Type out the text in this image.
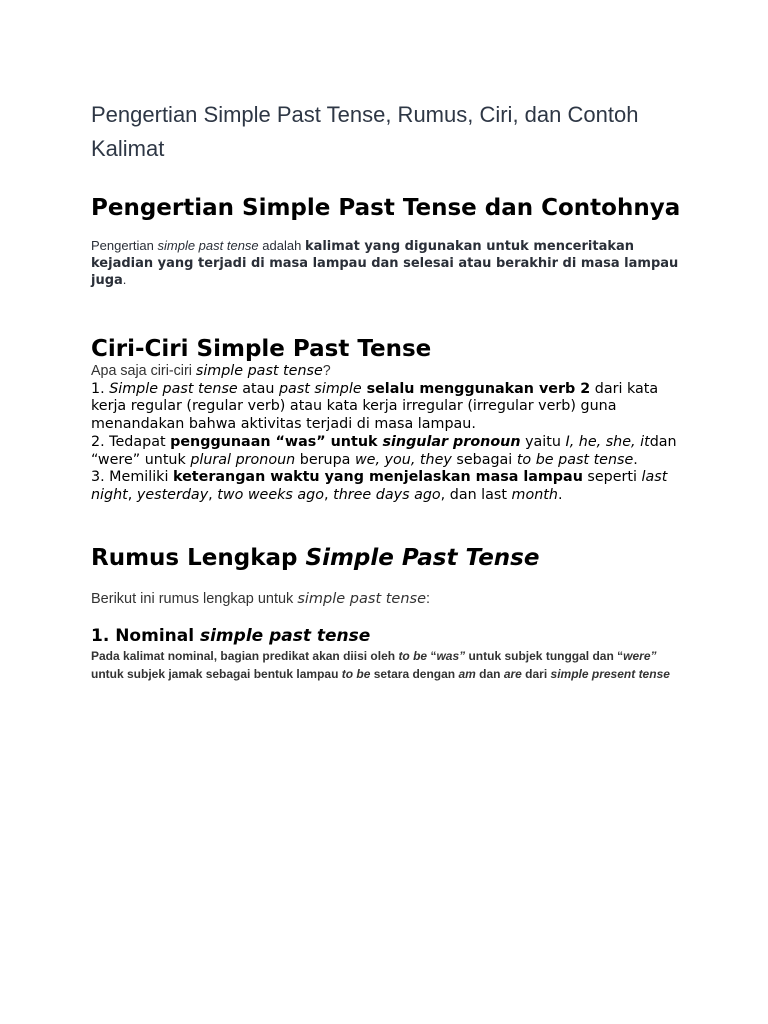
Pengertian Simple Past Tense, Rumus, Ciri, dan Contoh Kalimat
Pengertian Simple Past Tense dan Contohnya

Pengertian simple past tense adalah kalimat yang digunakan untuk menceritakan kejadian yang terjadi di masa lampau dan selesai atau berakhir di masa lampau juga.

Ciri-Ciri Simple Past Tense
Apa saja ciri-ciri simple past tense?
1. Simple past tense atau past simple selalu menggunakan verb 2 dari kata kerja regular (regular verb) atau kata kerja irregular (irregular verb) guna menandakan bahwa aktivitas terjadi di masa lampau.
2. Tedapat penggunaan “was” untuk singular pronoun yaitu I, he, she, itdan “were” untuk plural pronoun berupa we, you, they sebagai to be past tense.
3. Memiliki keterangan waktu yang menjelaskan masa lampau seperti last night, yesterday, two weeks ago, three days ago, dan last month.
Rumus Lengkap Simple Past Tense

Berikut ini rumus lengkap untuk simple past tense:

1. Nominal simple past tense

Pada kalimat nominal, bagian predikat akan diisi oleh to be “was” untuk subjek tunggal dan “were” untuk subjek jamak sebagai bentuk lampau to be setara dengan am dan are dari simple present tense
